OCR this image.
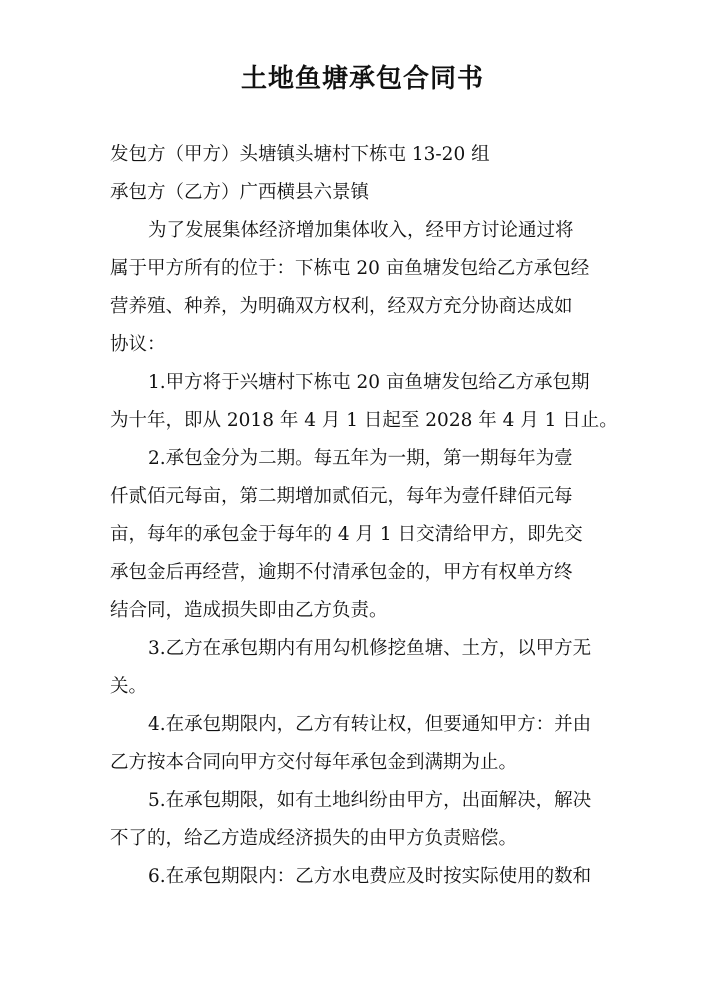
土地鱼塘承包合同书
发包方（甲方）头塘镇头塘村下栋屯 13-20 组
承包方（乙方）广西横县六景镇
为了发展集体经济增加集体收入，经甲方讨论通过将
属于甲方所有的位于：下栋屯 20 亩鱼塘发包给乙方承包经
营养殖、种养，为明确双方权利，经双方充分协商达成如
协议：
1.甲方将于兴塘村下栋屯 20 亩鱼塘发包给乙方承包期
为十年，即从 2018 年 4 月 1 日起至 2028 年 4 月 1 日止。
2.承包金分为二期。每五年为一期，第一期每年为壹
仟贰佰元每亩，第二期增加贰佰元，每年为壹仟肆佰元每
亩，每年的承包金于每年的 4 月 1 日交清给甲方，即先交
承包金后再经营，逾期不付清承包金的，甲方有权单方终
结合同，造成损失即由乙方负责。
3.乙方在承包期内有用勾机修挖鱼塘、土方，以甲方无
关。
4.在承包期限内，乙方有转让权，但要通知甲方：并由
乙方按本合同向甲方交付每年承包金到满期为止。
5.在承包期限，如有土地纠纷由甲方，出面解决，解决
不了的，给乙方造成经济损失的由甲方负责赔偿。
6.在承包期限内：乙方水电费应及时按实际使用的数和
